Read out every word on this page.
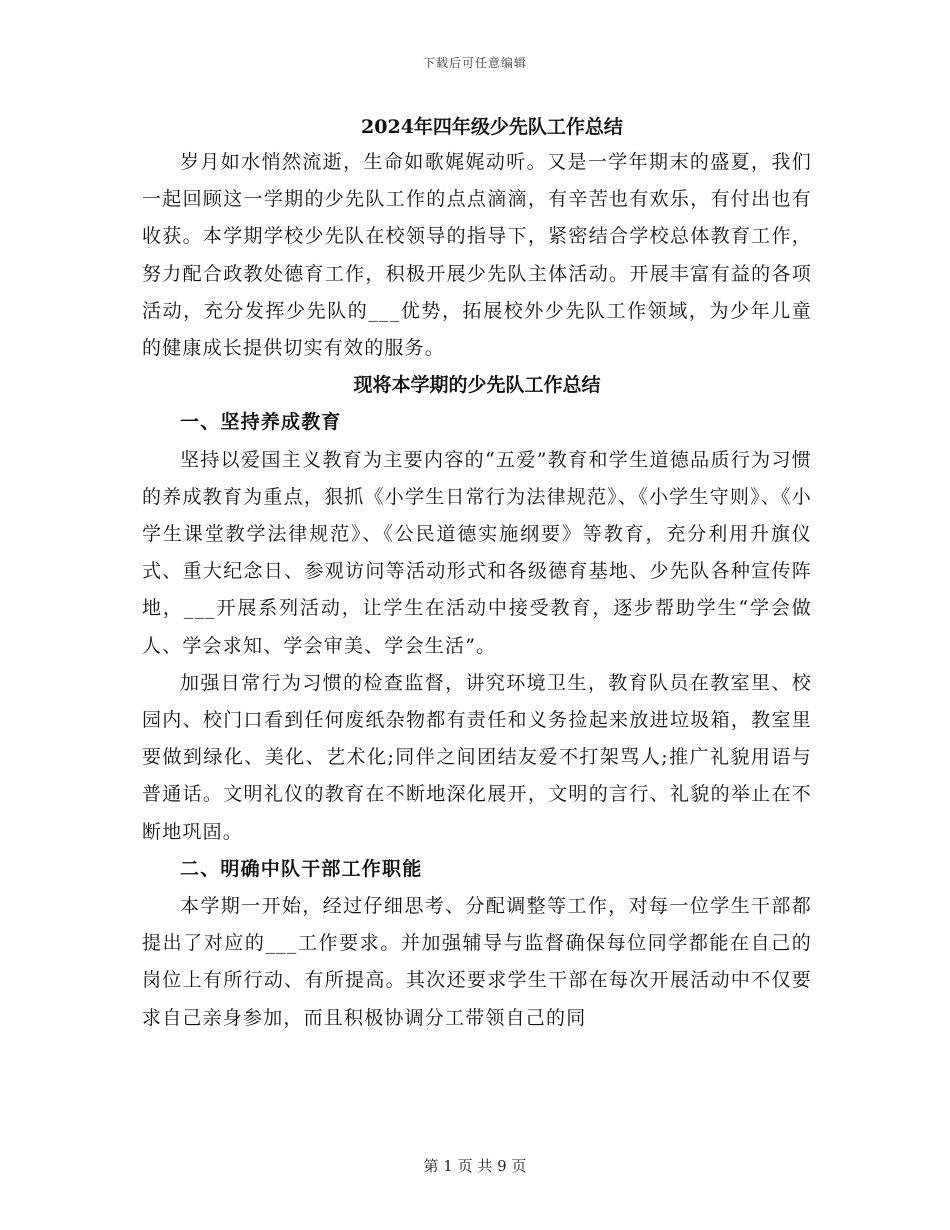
下载后可任意编辑
2024年四年级少先队工作总结

岁月如水悄然流逝，生命如歌娓娓动听。又是一学年期末的盛夏，我们一起回顾这一学期的少先队工作的点点滴滴，有辛苦也有欢乐，有付出也有收获。本学期学校少先队在校领导的指导下，紧密结合学校总体教育工作，努力配合政教处德育工作，积极开展少先队主体活动。开展丰富有益的各项活动，充分发挥少先队的___优势，拓展校外少先队工作领域，为少年儿童的健康成长提供切实有效的服务。

现将本学期的少先队工作总结

一、坚持养成教育

坚持以爱国主义教育为主要内容的“五爱”教育和学生道德品质行为习惯的养成教育为重点，狠抓《小学生日常行为法律规范》、《小学生守则》、《小学生课堂教学法律规范》、《公民道德实施纲要》等教育，充分利用升旗仪式、重大纪念日、参观访问等活动形式和各级德育基地、少先队各种宣传阵地，___开展系列活动，让学生在活动中接受教育，逐步帮助学生“学会做人、学会求知、学会审美、学会生活”。

加强日常行为习惯的检查监督，讲究环境卫生，教育队员在教室里、校园内、校门口看到任何废纸杂物都有责任和义务捡起来放进垃圾箱，教室里要做到绿化、美化、艺术化;同伴之间团结友爱不打架骂人;推广礼貌用语与普通话。文明礼仪的教育在不断地深化展开，文明的言行、礼貌的举止在不断地巩固。

二、明确中队干部工作职能

本学期一开始，经过仔细思考、分配调整等工作，对每一位学生干部都提出了对应的___工作要求。并加强辅导与监督确保每位同学都能在自己的岗位上有所行动、有所提高。其次还要求学生干部在每次开展活动中不仅要求自己亲身参加，而且积极协调分工带领自己的同

第 1 页 共 9 页
